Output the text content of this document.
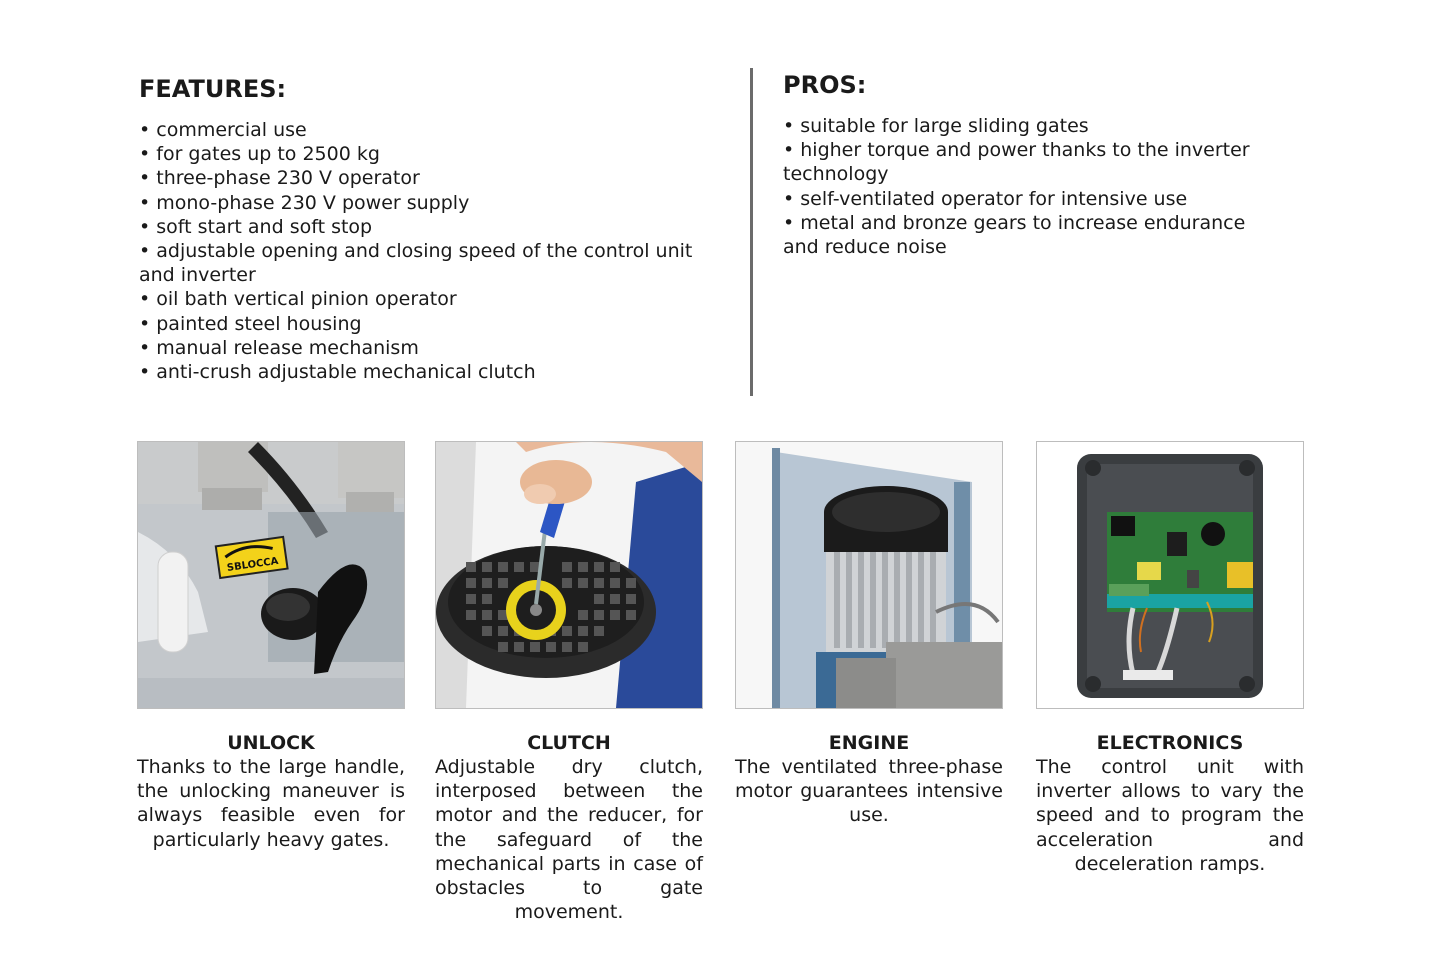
FEATURES:
• commercial use
• for gates up to 2500 kg
• three-phase 230 V operator
• mono-phase 230 V power supply
• soft start and soft stop
• adjustable opening and closing speed of the control unit and inverter
• oil bath vertical pinion operator
• painted steel housing
• manual release mechanism
• anti-crush adjustable mechanical clutch
PROS:
• suitable for large sliding gates
• higher torque and power thanks to the inverter technology
• self-ventilated operator for intensive use
• metal and bronze gears to increase endurance and reduce noise
SBLOCCA
UNLOCK
Thanks to the large handle, the unlocking maneuver is always feasible even for particularly heavy gates.
CLUTCH
Adjustable dry clutch, interposed between the motor and the reducer, for the safeguard of the mechanical parts in case of obstacles to gate movement.
ENGINE
The ventilated three-phase motor guarantees intensive use.
ELECTRONICS
The control unit with inverter allows to vary the speed and to program the acceleration and deceleration ramps.
